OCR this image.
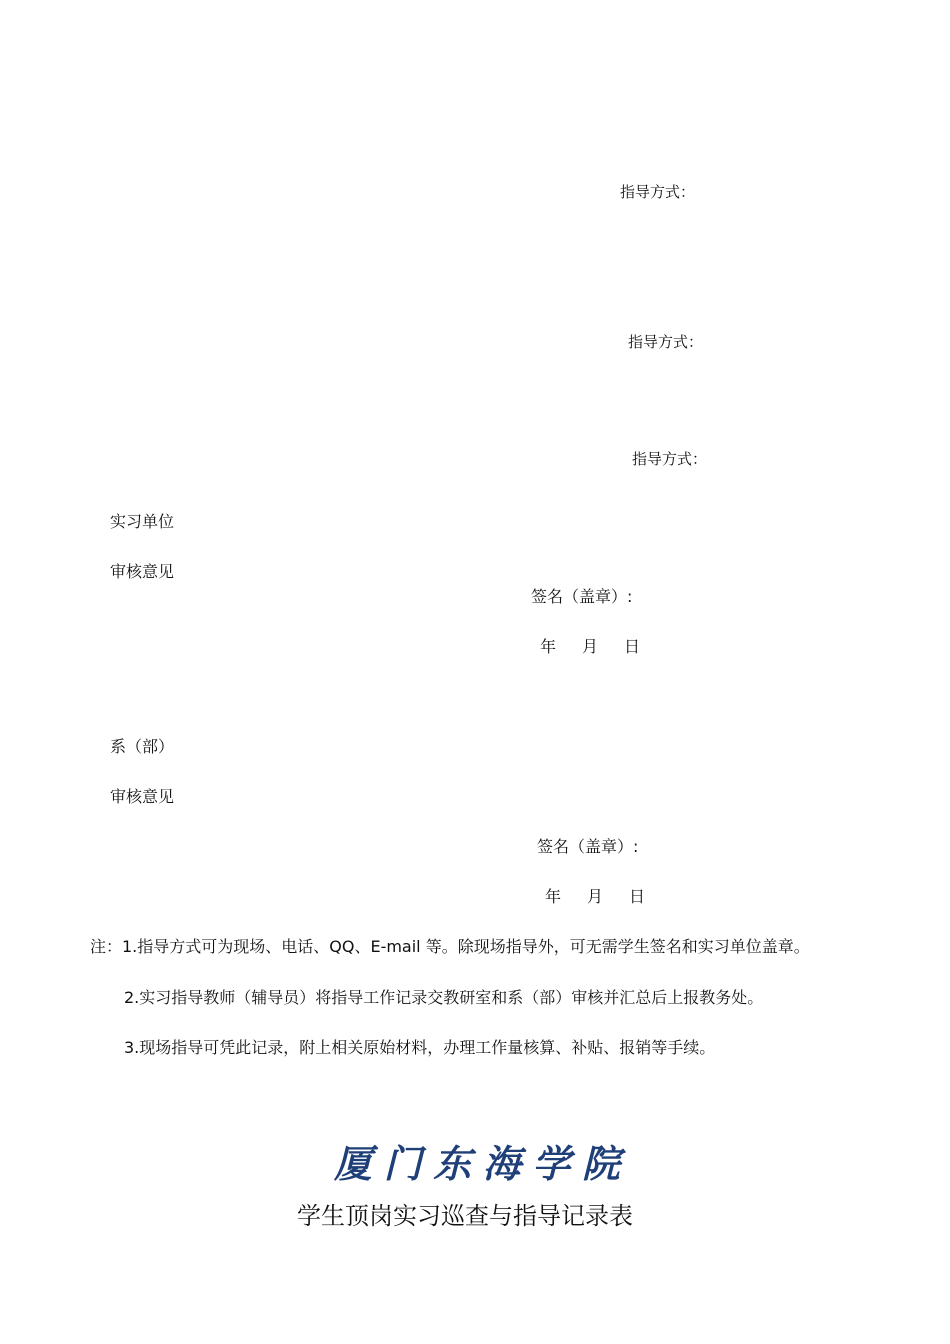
指导方式：
指导方式：
指导方式：
实习单位
审核意见
签名（盖章）:
年 月 日
系（部）
审核意见
签名（盖章）:
年 月 日
注：1.指导方式可为现场、电话、QQ、E-mail 等。除现场指导外，可无需学生签名和实习单位盖章。
2.实习指导教师（辅导员）将指导工作记录交教研室和系（部）审核并汇总后上报教务处。
3.现场指导可凭此记录，附上相关原始材料，办理工作量核算、补贴、报销等手续。
厦 门 东 海 学 院
学生顶岗实习巡查与指导记录表
